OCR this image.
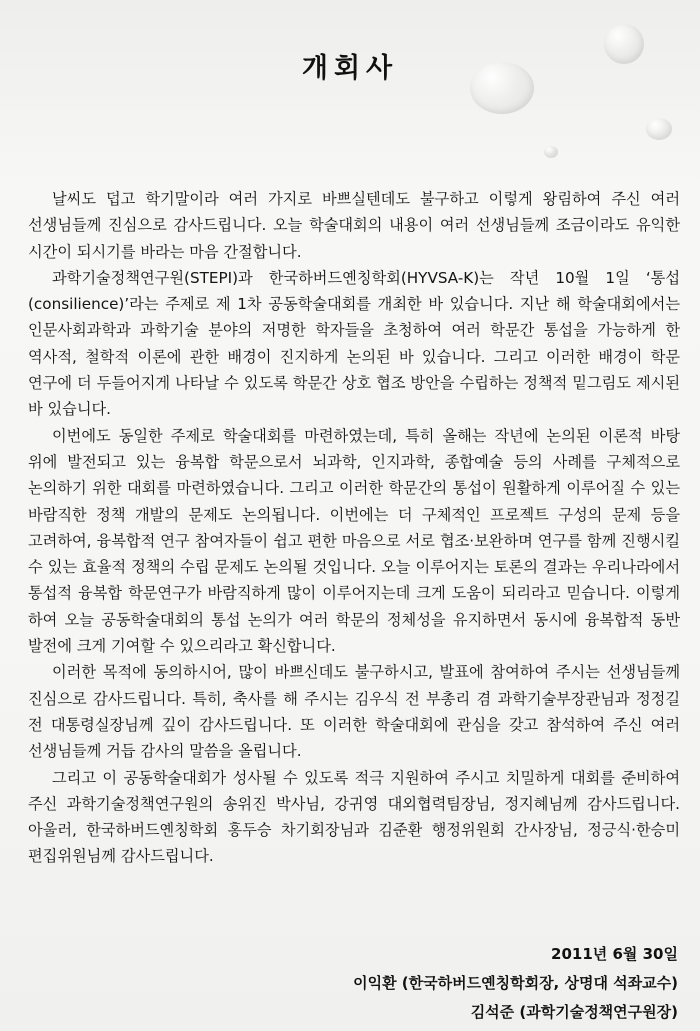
개회사

날씨도 덥고 학기말이라 여러 가지로 바쁘실텐데도 불구하고 이렇게 왕림하여 주신 여러 선생님들께 진심으로 감사드립니다. 오늘 학술대회의 내용이 여러 선생님들께 조금이라도 유익한 시간이 되시기를 바라는 마음 간절합니다.

과학기술정책연구원(STEPI)과 한국하버드옌칭학회(HYVSA-K)는 작년 10월 1일 ‘통섭(consilience)’라는 주제로 제 1차 공동학술대회를 개최한 바 있습니다. 지난 해 학술대회에서는 인문사회과학과 과학기술 분야의 저명한 학자들을 초청하여 여러 학문간 통섭을 가능하게 한 역사적, 철학적 이론에 관한 배경이 진지하게 논의된 바 있습니다. 그리고 이러한 배경이 학문 연구에 더 두들어지게 나타날 수 있도록 학문간 상호 협조 방안을 수립하는 정책적 밑그림도 제시된 바 있습니다.

이번에도 동일한 주제로 학술대회를 마련하였는데, 특히 올해는 작년에 논의된 이론적 바탕 위에 발전되고 있는 융복합 학문으로서 뇌과학, 인지과학, 종합예술 등의 사례를 구체적으로 논의하기 위한 대회를 마련하였습니다. 그리고 이러한 학문간의 통섭이 원활하게 이루어질 수 있는 바람직한 정책 개발의 문제도 논의됩니다. 이번에는 더 구체적인 프로젝트 구성의 문제 등을 고려하여, 융복합적 연구 참여자들이 쉽고 편한 마음으로 서로 협조·보완하며 연구를 함께 진행시킬 수 있는 효율적 정책의 수립 문제도 논의될 것입니다. 오늘 이루어지는 토론의 결과는 우리나라에서 통섭적 융복합 학문연구가 바람직하게 많이 이루어지는데 크게 도움이 되리라고 믿습니다. 이렇게 하여 오늘 공동학술대회의 통섭 논의가 여러 학문의 정체성을 유지하면서 동시에 융복합적 동반 발전에 크게 기여할 수 있으리라고 확신합니다.

이러한 목적에 동의하시어, 많이 바쁘신데도 불구하시고, 발표에 참여하여 주시는 선생님들께 진심으로 감사드립니다. 특히, 축사를 해 주시는 김우식 전 부총리 겸 과학기술부장관님과 정정길 전 대통령실장님께 깊이 감사드립니다. 또 이러한 학술대회에 관심을 갖고 참석하여 주신 여러 선생님들께 거듭 감사의 말씀을 올립니다.

그리고 이 공동학술대회가 성사될 수 있도록 적극 지원하여 주시고 치밀하게 대회를 준비하여 주신 과학기술정책연구원의 송위진 박사님, 강귀영 대외협력팀장님, 정지혜님께 감사드립니다. 아울러, 한국하버드옌칭학회 홍두승 차기회장님과 김준환 행정위원회 간사장님, 정긍식·한승미 편집위원님께 감사드립니다.

2011년 6월 30일
이익환 (한국하버드옌칭학회장, 상명대 석좌교수)
김석준 (과학기술정책연구원장)
